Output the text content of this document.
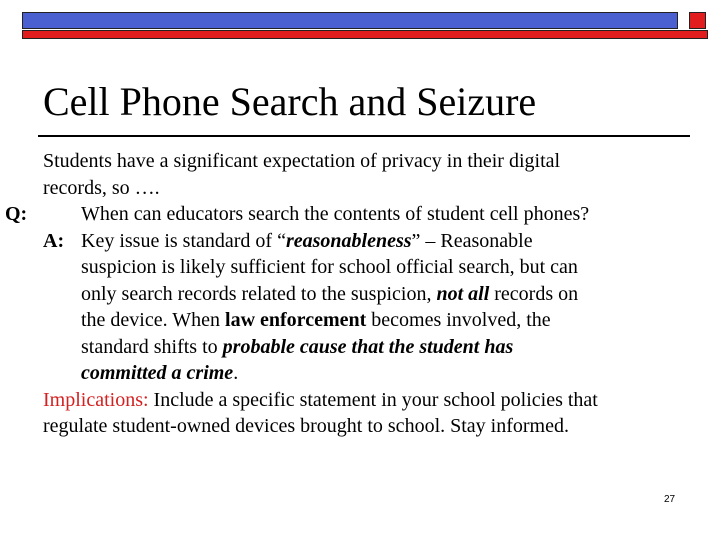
Cell Phone Search and Seizure

Students have a significant expectation of privacy in their digital
records, so ….

Q:	When can educators search the contents of student cell phones?

A: Key issue is standard of “reasonableness” – Reasonable
suspicion is likely sufficient for school official search, but can
only search records related to the suspicion, not all records on
the device. When law enforcement becomes involved, the
standard shifts to probable cause that the student has
committed a crime.

Implications: Include a specific statement in your school policies that
regulate student-owned devices brought to school. Stay informed.

27
